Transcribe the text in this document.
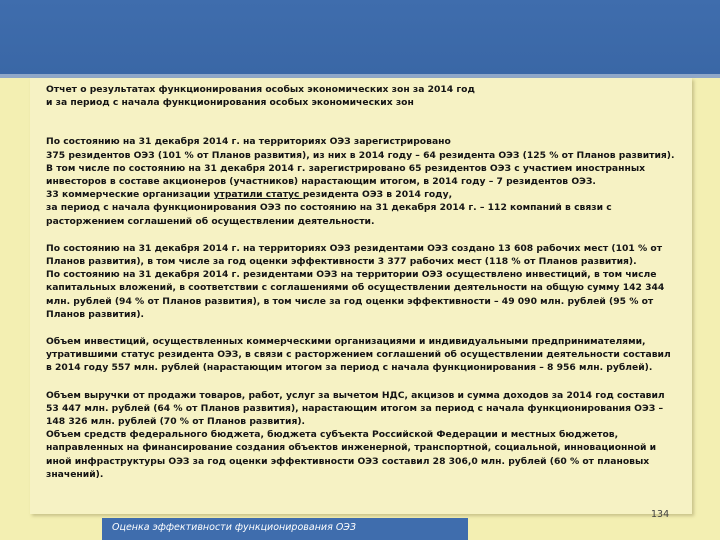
Отчет о результатах функционирования особых экономических зон за 2014 год

и за период с начала функционирования особых экономических зон

По состоянию на 31 декабря 2014 г. на территориях ОЭЗ зарегистрировано
375 резидентов ОЭЗ (101 % от Планов развития), из них в 2014 году – 64 резидента ОЭЗ (125 % от Планов развития). В том числе по состоянию на 31 декабря 2014 г. зарегистрировано 65 резидентов ОЭЗ с участием иностранных инвесторов в составе акционеров (участников) нарастающим итогом, в 2014 году – 7 резидентов ОЭЗ.

33 коммерческие организации утратили статус резидента ОЭЗ в 2014 году,

за период с начала функционирования ОЭЗ по состоянию на 31 декабря 2014 г. – 112 компаний в связи с расторжением соглашений об осуществлении деятельности.

По состоянию на 31 декабря 2014 г. на территориях ОЭЗ резидентами ОЭЗ создано 13 608 рабочих мест (101 % от Планов развития), в том числе за год оценки эффективности 3 377 рабочих мест (118 % от Планов развития).

По состоянию на 31 декабря 2014 г. резидентами ОЭЗ на территории ОЭЗ осуществлено инвестиций, в том числе капитальных вложений, в соответствии с соглашениями об осуществлении деятельности на общую сумму 142 344 млн. рублей (94 % от Планов развития), в том числе за год оценки эффективности – 49 090 млн. рублей (95 % от Планов развития).

Объем инвестиций, осуществленных коммерческими организациями и индивидуальными предпринимателями, утратившими статус резидента ОЭЗ, в связи с расторжением соглашений об осуществлении деятельности составил в 2014 году 557 млн. рублей (нарастающим итогом за период с начала функционирования – 8 956 млн. рублей).

Объем выручки от продажи товаров, работ, услуг за вычетом НДС, акцизов и сумма доходов за 2014 год составил 53 447 млн. рублей (64 % от Планов развития), нарастающим итогом за период с начала функционирования ОЭЗ – 148 326 млн. рублей (70 % от Планов развития).

Объем средств федерального бюджета, бюджета субъекта Российской Федерации и местных бюджетов, направленных на финансирование создания объектов инженерной, транспортной, социальной, инновационной и иной инфраструктуры ОЭЗ за год оценки эффективности ОЭЗ составил 28 306,0 млн. рублей (60 % от плановых значений).

134
Оценка эффективности функционирования ОЭЗ
